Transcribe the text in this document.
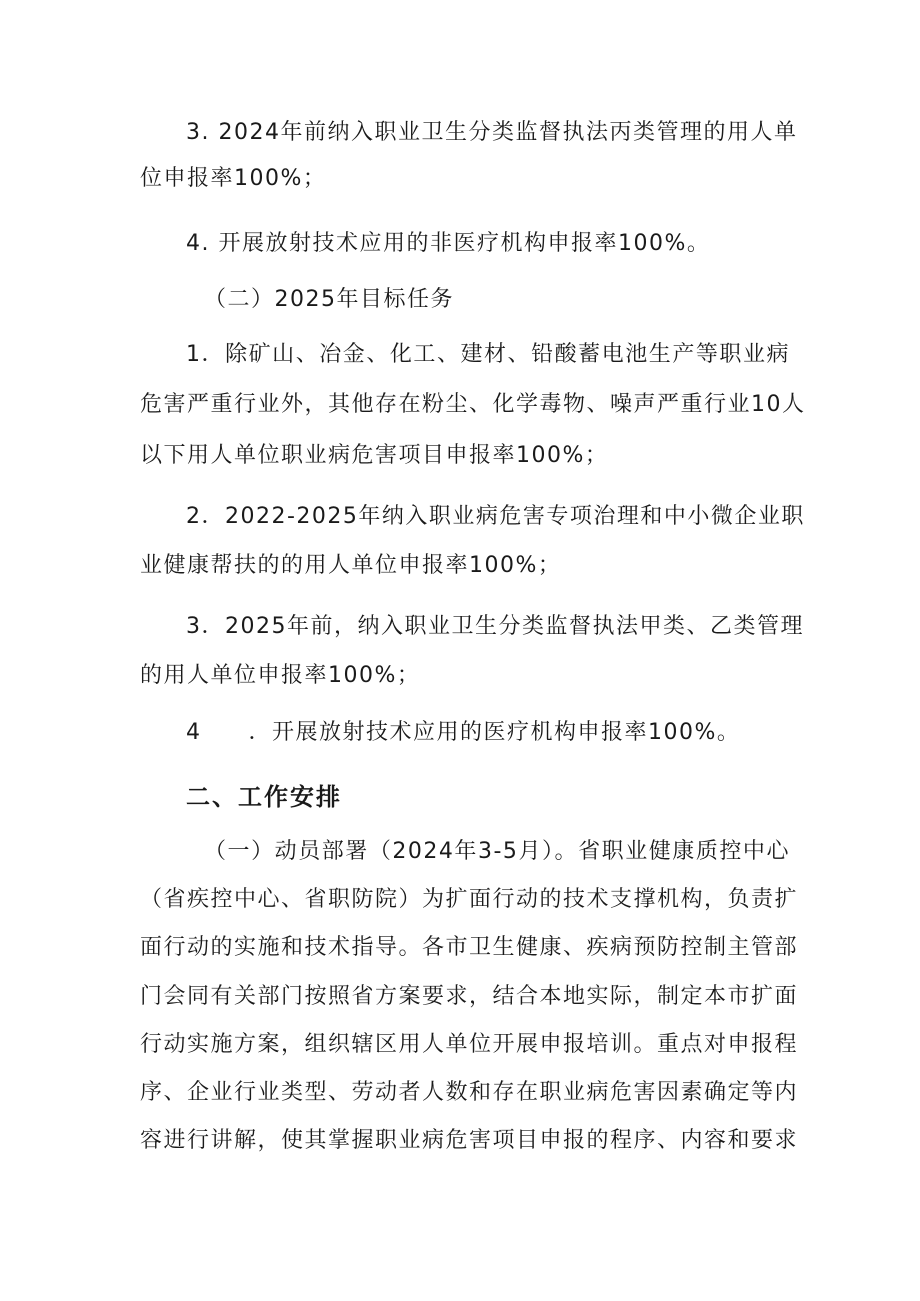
3. 2024年前纳入职业卫生分类监督执法丙类管理的用人单
位申报率100%；
4. 开展放射技术应用的非医疗机构申报率100%。
（二）2025年目标任务
1．除矿山、冶金、化工、建材、铅酸蓄电池生产等职业病
危害严重行业外，其他存在粉尘、化学毒物、噪声严重行业10人
以下用人单位职业病危害项目申报率100%；
2．2022-2025年纳入职业病危害专项治理和中小微企业职
业健康帮扶的的用人单位申报率100%；
3．2025年前，纳入职业卫生分类监督执法甲类、乙类管理
的用人单位申报率100%；
4　　．开展放射技术应用的医疗机构申报率100%。
二、工作安排
（一）动员部署（2024年3-5月）。省职业健康质控中心
（省疾控中心、省职防院）为扩面行动的技术支撑机构，负责扩
面行动的实施和技术指导。各市卫生健康、疾病预防控制主管部
门会同有关部门按照省方案要求，结合本地实际，制定本市扩面
行动实施方案，组织辖区用人单位开展申报培训。重点对申报程
序、企业行业类型、劳动者人数和存在职业病危害因素确定等内
容进行讲解，使其掌握职业病危害项目申报的程序、内容和要求
